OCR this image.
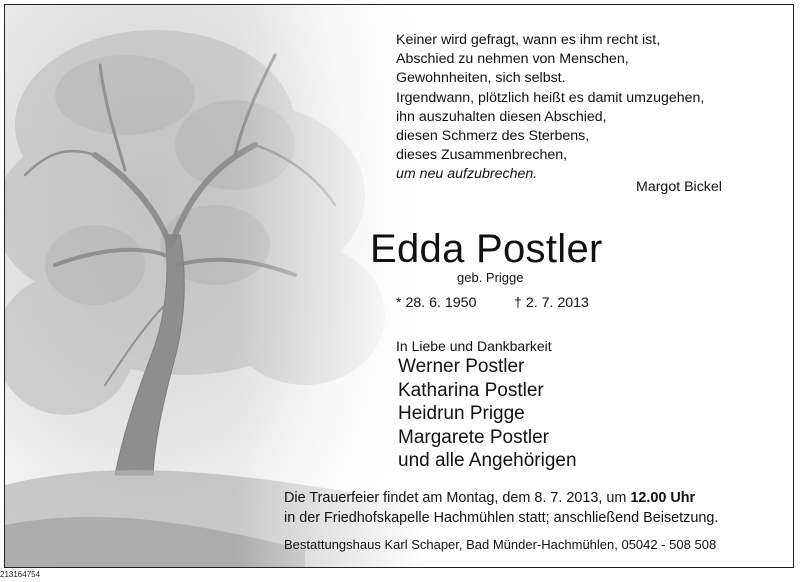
Keiner wird gefragt, wann es ihm recht ist,
Abschied zu nehmen von Menschen,
Gewohnheiten, sich selbst.
Irgendwann, plötzlich heißt es damit umzugehen,
ihn auszuhalten diesen Abschied,
diesen Schmerz des Sterbens,
dieses Zusammenbrechen,
um neu aufzubrechen.
Margot Bickel
Edda Postler
geb. Prigge
* 28. 6. 1950	† 2. 7. 2013
In Liebe und Dankbarkeit
Werner Postler
Katharina Postler
Heidrun Prigge
Margarete Postler
und alle Angehörigen
Die Trauerfeier findet am Montag, dem 8. 7. 2013, um 12.00 Uhr
in der Friedhofskapelle Hachmühlen statt; anschließend Beisetzung.
Bestattungshaus Karl Schaper, Bad Münder-Hachmühlen, 05042 - 508 508
213164754
